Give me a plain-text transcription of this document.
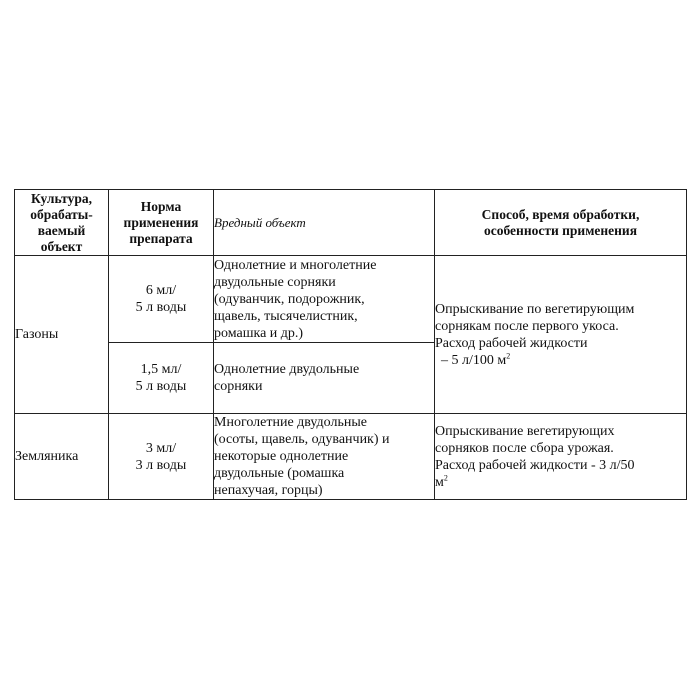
Культура,
обрабаты-
ваемый
объект	Норма
применения
препарата	Вредный объект	Способ, время обработки,
особенности применения

Газоны	6 мл/
5 л воды	Однолетние и многолетние
двудольные сорняки
(одуванчик, подорожник,
щавель, тысячелистник,
ромашка и др.)	Опрыскивание по вегетирующим
сорнякам после первого укоса.
Расход рабочей жидкости
– 5 л/100 $м^2$

	1,5 мл/
5 л воды	Однолетние двудольные
сорняки	

Земляника	3 мл/
3 л воды	Многолетние двудольные
(осоты, щавель, одуванчик) и
некоторые однолетние
двудольные (ромашка
непахучая, горцы)	Опрыскивание вегетирующих
сорняков после сбора урожая.
Расход рабочей жидкости - 3 л/50
$м^2$
